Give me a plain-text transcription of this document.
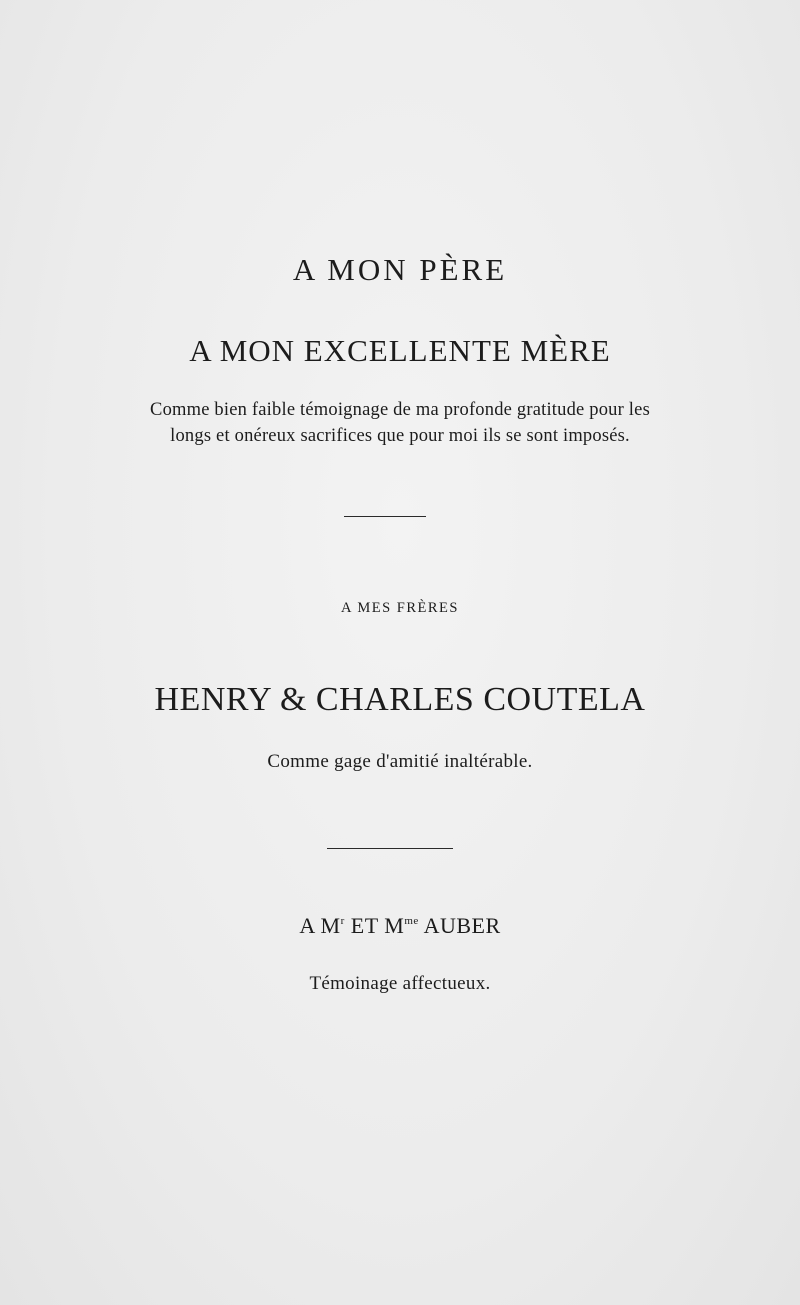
A MON PÈRE
A MON EXCELLENTE MÈRE
Comme bien faible témoignage de ma profonde gratitude pour les
longs et onéreux sacrifices que pour moi ils se sont imposés.
A MES FRÈRES
HENRY & CHARLES COUTELA
Comme gage d'amitié inaltérable.
A $M^r$ ET $M^{me}$ AUBER
Témoinage affectueux.
